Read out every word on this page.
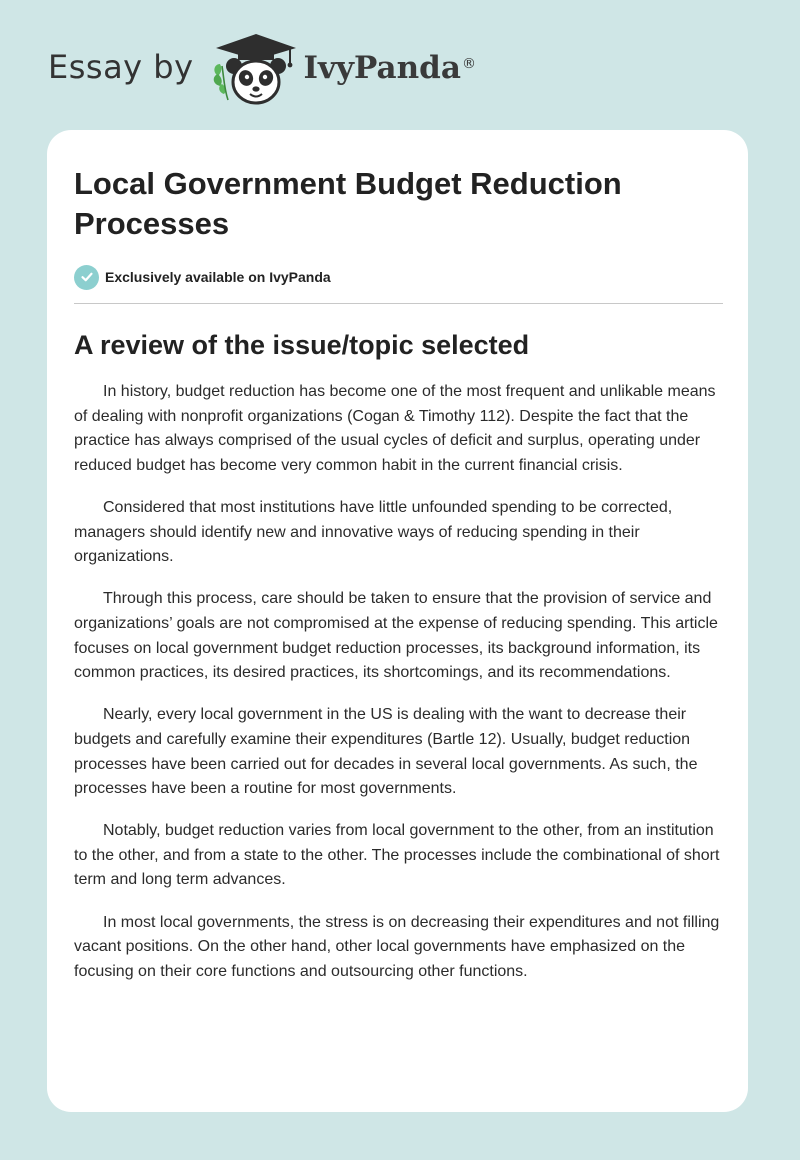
Essay by	IvyPanda ®
Local Government Budget Reduction Processes
Exclusively available on IvyPanda
A review of the issue/topic selected

In history, budget reduction has become one of the most frequent and unlikable means of dealing with nonprofit organizations (Cogan & Timothy 112). Despite the fact that the practice has always comprised of the usual cycles of deficit and surplus, operating under reduced budget has become very common habit in the current financial crisis.

Considered that most institutions have little unfounded spending to be corrected, managers should identify new and innovative ways of reducing spending in their organizations.

Through this process, care should be taken to ensure that the provision of service and organizations’ goals are not compromised at the expense of reducing spending. This article focuses on local government budget reduction processes, its background information, its common practices, its desired practices, its shortcomings, and its recommendations.

Nearly, every local government in the US is dealing with the want to decrease their budgets and carefully examine their expenditures (Bartle 12). Usually, budget reduction processes have been carried out for decades in several local governments. As such, the processes have been a routine for most governments.

Notably, budget reduction varies from local government to the other, from an institution to the other, and from a state to the other. The processes include the combinational of short term and long term advances.

In most local governments, the stress is on decreasing their expenditures and not filling vacant positions. On the other hand, other local governments have emphasized on the focusing on their core functions and outsourcing other functions.
